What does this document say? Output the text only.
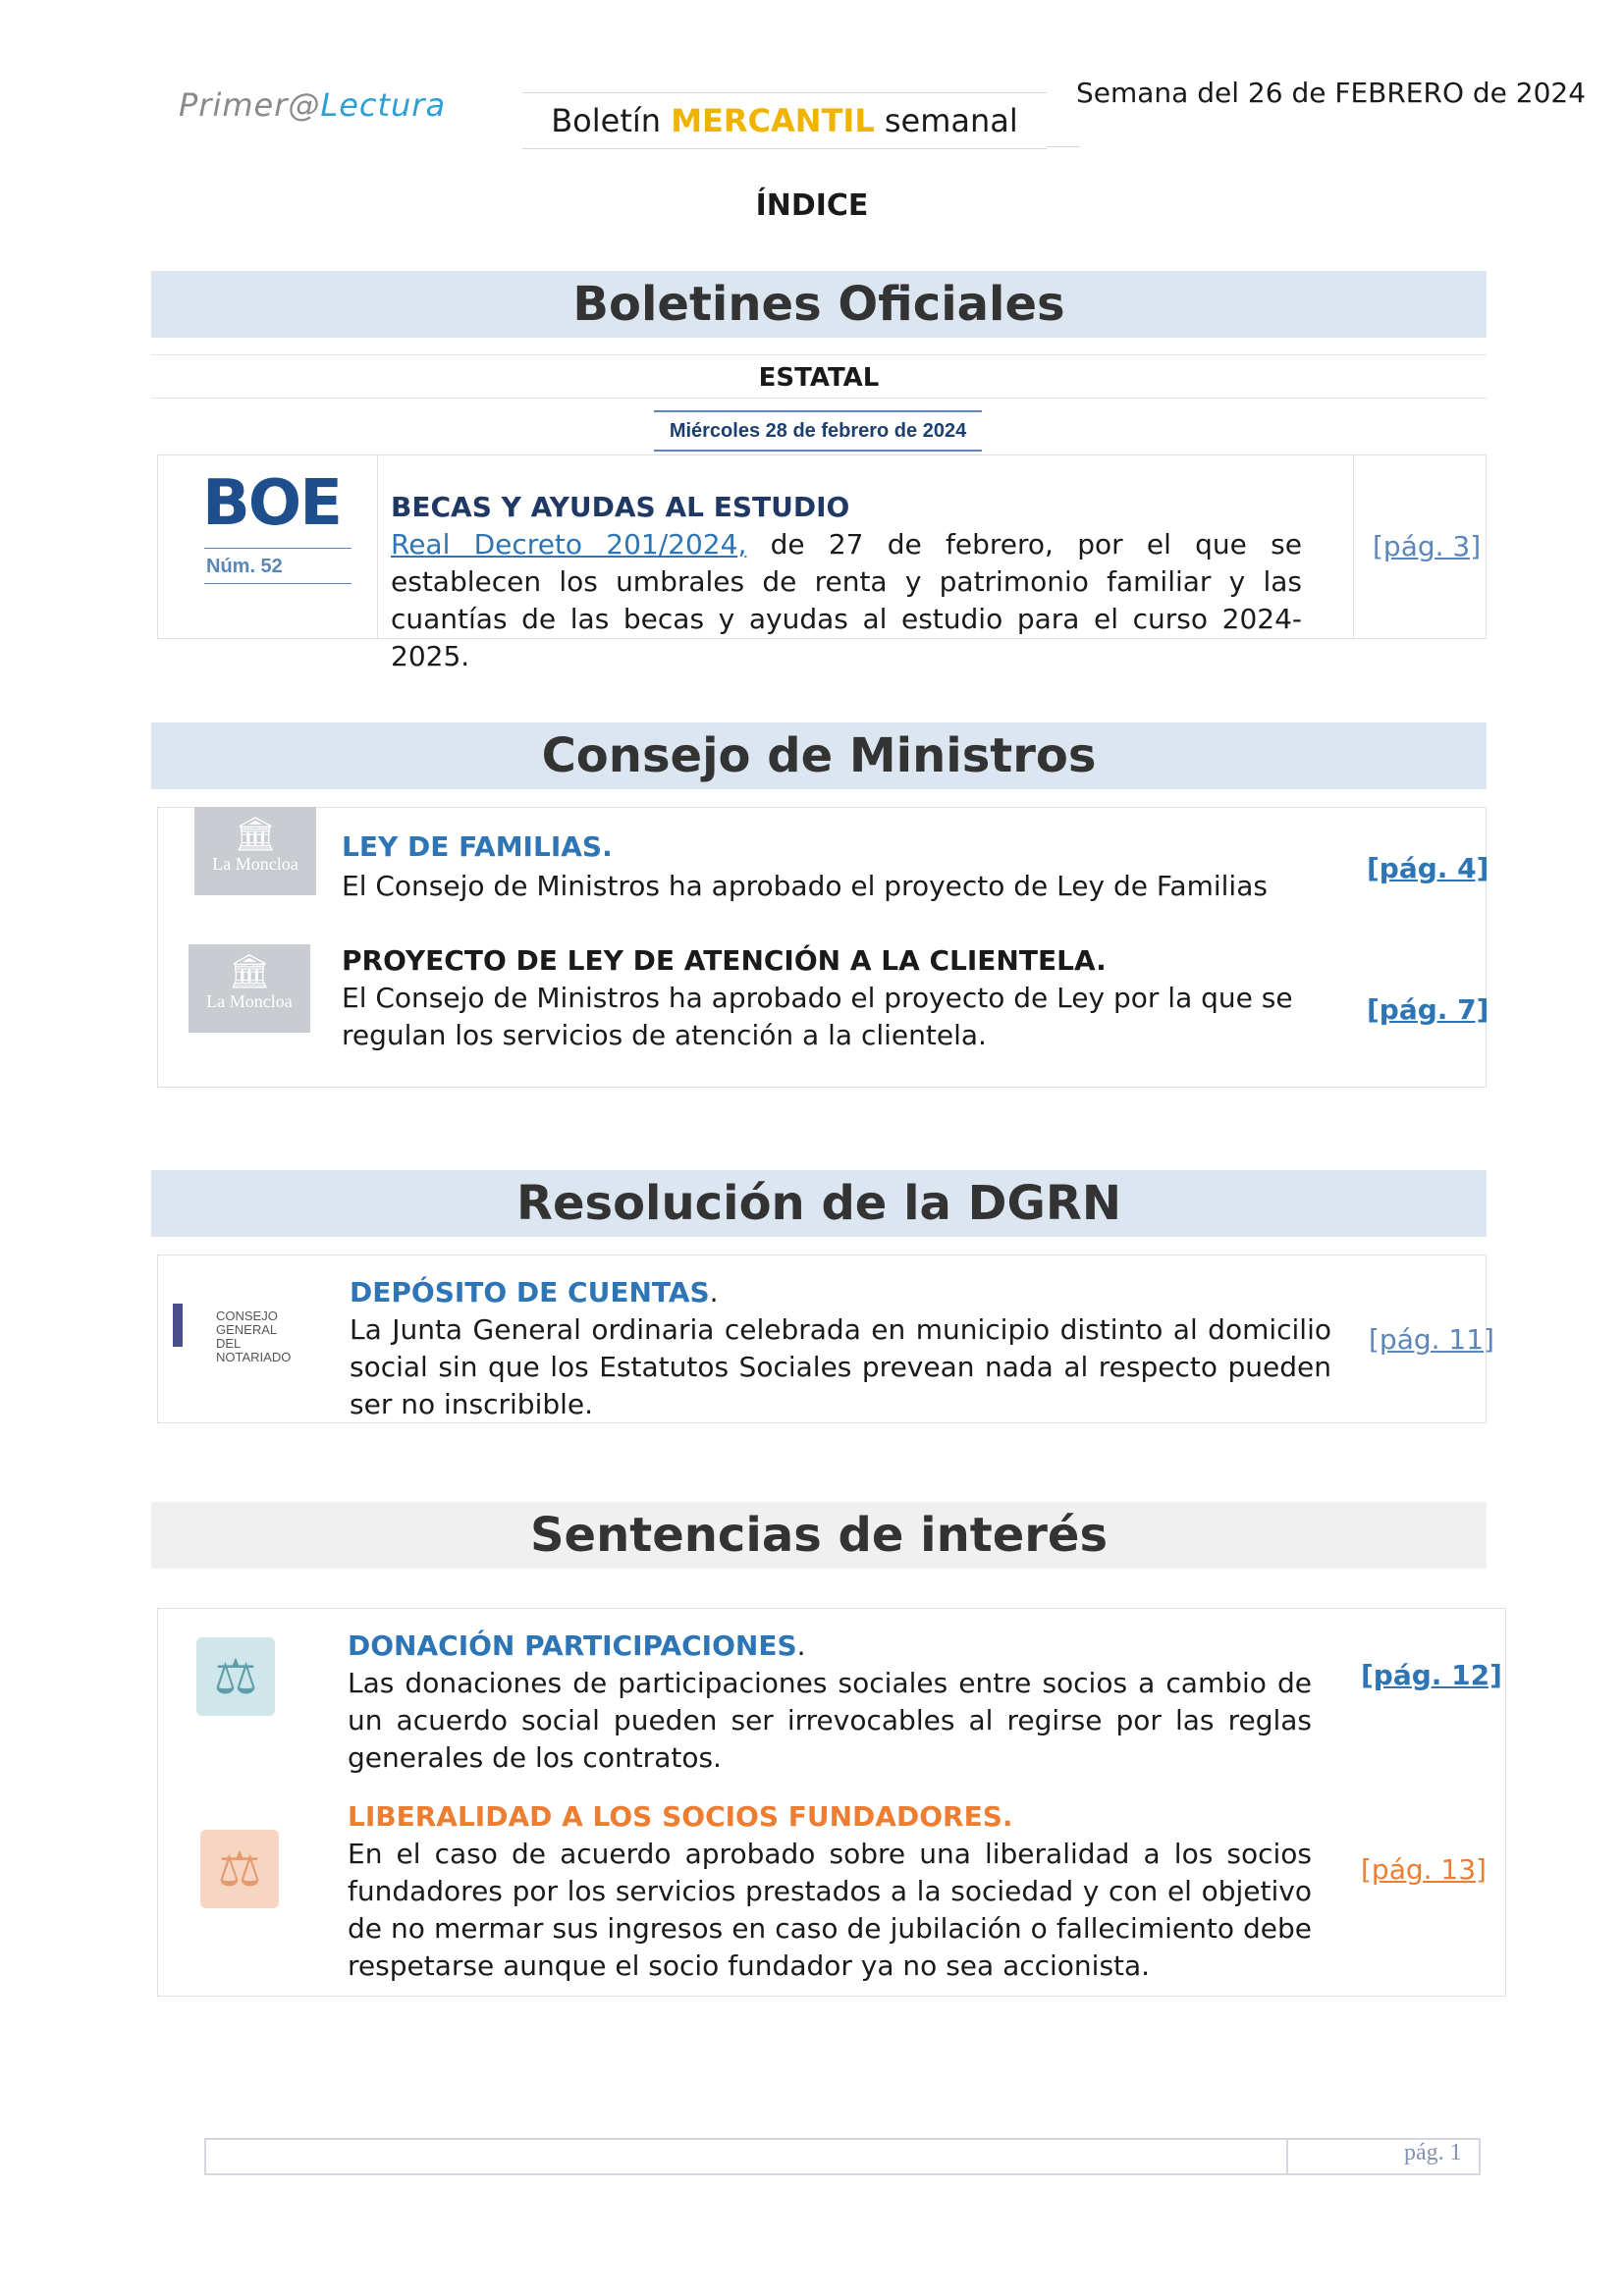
Primer@Lectura	Boletín MERCANTIL semanal
Semana del 26 de FEBRERO de 2024
ÍNDICE
Boletines Oficiales
ESTATAL
Miércoles 28 de febrero de 2024
BOE
Núm. 52
BECAS Y AYUDAS AL ESTUDIO
Real Decreto 201/2024, de 27 de febrero, por el que se establecen los umbrales de renta y patrimonio familiar y las cuantías de las becas y ayudas al estudio para el curso 2024-2025.
[pág. 3]
Consejo de Ministros
🏛
La Moncloa
LEY DE FAMILIAS.
El Consejo de Ministros ha aprobado el proyecto de Ley de Familias
[pág. 4]
🏛
La Moncloa
PROYECTO DE LEY DE ATENCIÓN A LA CLIENTELA.
El Consejo de Ministros ha aprobado el proyecto de Ley por la que se regulan los servicios de atención a la clientela.
[pág. 7]
Resolución de la DGRN
CONSEJO GENERAL
DEL NOTARIADO
DEPÓSITO DE CUENTAS.
La Junta General ordinaria celebrada en municipio distinto al domicilio social sin que los Estatutos Sociales prevean nada al respecto pueden ser no inscribible.
[pág. 11]
Sentencias de interés
⚖
DONACIÓN PARTICIPACIONES.
Las donaciones de participaciones sociales entre socios a cambio de un acuerdo social pueden ser irrevocables al regirse por las reglas generales de los contratos.
[pág. 12]
⚖
LIBERALIDAD A LOS SOCIOS FUNDADORES.
En el caso de acuerdo aprobado sobre una liberalidad a los socios fundadores por los servicios prestados a la sociedad y con el objetivo de no mermar sus ingresos en caso de jubilación o fallecimiento debe respetarse aunque el socio fundador ya no sea accionista.
[pág. 13]
pág. 1
